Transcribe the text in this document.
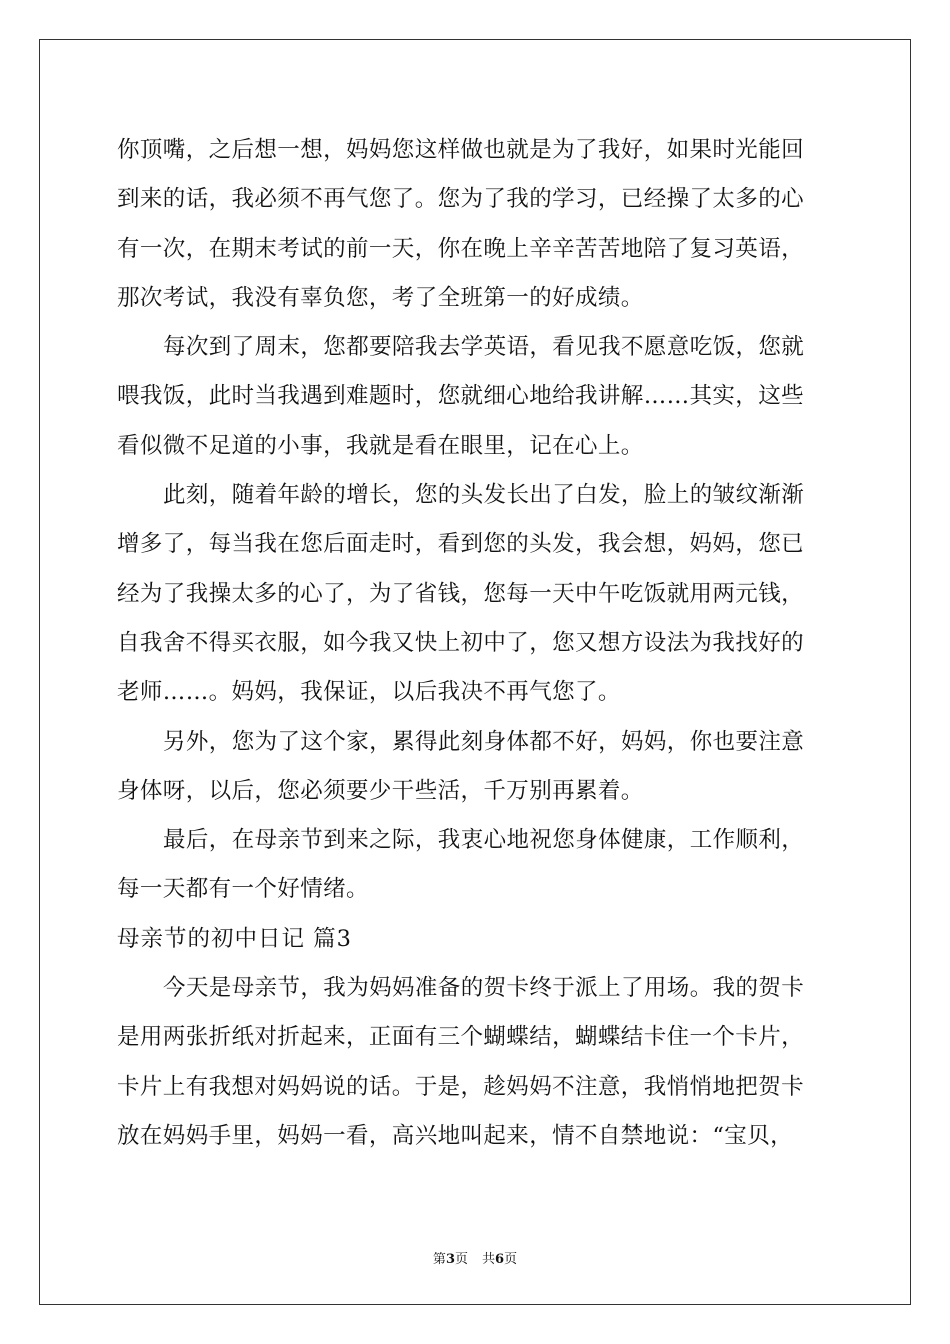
你顶嘴，之后想一想，妈妈您这样做也就是为了我好，如果时光能回
到来的话，我必须不再气您了。您为了我的学习，已经操了太多的心
有一次，在期末考试的前一天，你在晚上辛辛苦苦地陪了复习英语，
那次考试，我没有辜负您，考了全班第一的好成绩。
每次到了周末，您都要陪我去学英语，看见我不愿意吃饭，您就
喂我饭，此时当我遇到难题时，您就细心地给我讲解……其实，这些
看似微不足道的小事，我就是看在眼里，记在心上。
此刻，随着年龄的增长，您的头发长出了白发，脸上的皱纹渐渐
增多了，每当我在您后面走时，看到您的头发，我会想，妈妈，您已
经为了我操太多的心了，为了省钱，您每一天中午吃饭就用两元钱，
自我舍不得买衣服，如今我又快上初中了，您又想方设法为我找好的
老师……。妈妈，我保证，以后我决不再气您了。
另外，您为了这个家，累得此刻身体都不好，妈妈，你也要注意
身体呀，以后，您必须要少干些活，千万别再累着。
最后，在母亲节到来之际，我衷心地祝您身体健康，工作顺利，
每一天都有一个好情绪。
母亲节的初中日记 篇3
今天是母亲节，我为妈妈准备的贺卡终于派上了用场。我的贺卡
是用两张折纸对折起来，正面有三个蝴蝶结，蝴蝶结卡住一个卡片，
卡片上有我想对妈妈说的话。于是，趁妈妈不注意，我悄悄地把贺卡
放在妈妈手里，妈妈一看，高兴地叫起来，情不自禁地说：“宝贝，
第3页 共6页
